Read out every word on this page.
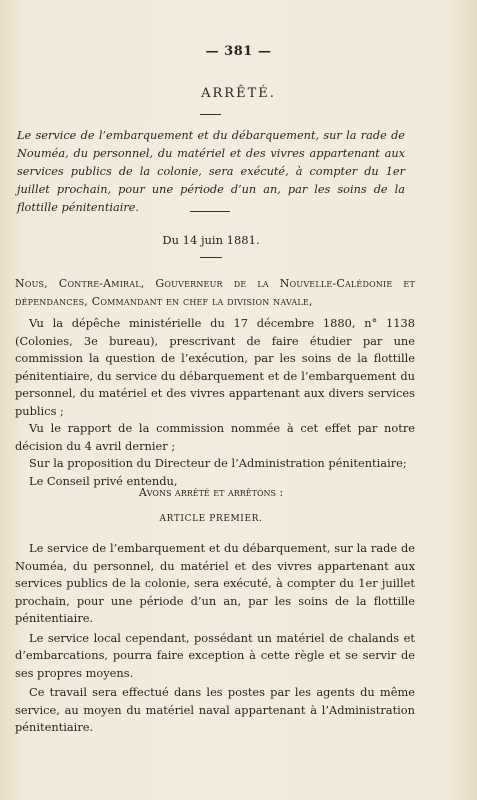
— 381 —
ARRÊTÉ.
Le service de l’embarquement et du débarquement, sur la rade de Nouméa, du personnel, du matériel et des vivres appartenant aux services publics de la colonie, sera exécuté, à compter du 1er juillet prochain, pour une période d’un an, par les soins de la flottille pénitentiaire.
Du 14 juin 1881.
Nous, Contre-Amiral, Gouverneur de la Nouvelle-Calédonie et dépendances, Commandant en chef la division navale,

Vu la dépêche ministérielle du 17 décembre 1880, n° 1138 (Colonies, 3e bureau), prescrivant de faire étudier par une commission la question de l’exécution, par les soins de la flottille pénitentiaire, du service du débarquement et de l’embarquement du personnel, du matériel et des vivres appartenant aux divers services publics ;

Vu le rapport de la commission nommée à cet effet par notre décision du 4 avril dernier ;

Sur la proposition du Directeur de l’Administration pénitentiaire;

Le Conseil privé entendu,

Avons arrêté et arrêtons :
ARTICLE PREMIER.

Le service de l’embarquement et du débarquement, sur la rade de Nouméa, du personnel, du matériel et des vivres appartenant aux services publics de la colonie, sera exécuté, à compter du 1er juillet prochain, pour une période d’un an, par les soins de la flottille pénitentiaire.

Le service local cependant, possédant un matériel de chalands et d’embarcations, pourra faire exception à cette règle et se servir de ses propres moyens.

Ce travail sera effectué dans les postes par les agents du même service, au moyen du matériel naval appartenant à l’Administration pénitentiaire.
